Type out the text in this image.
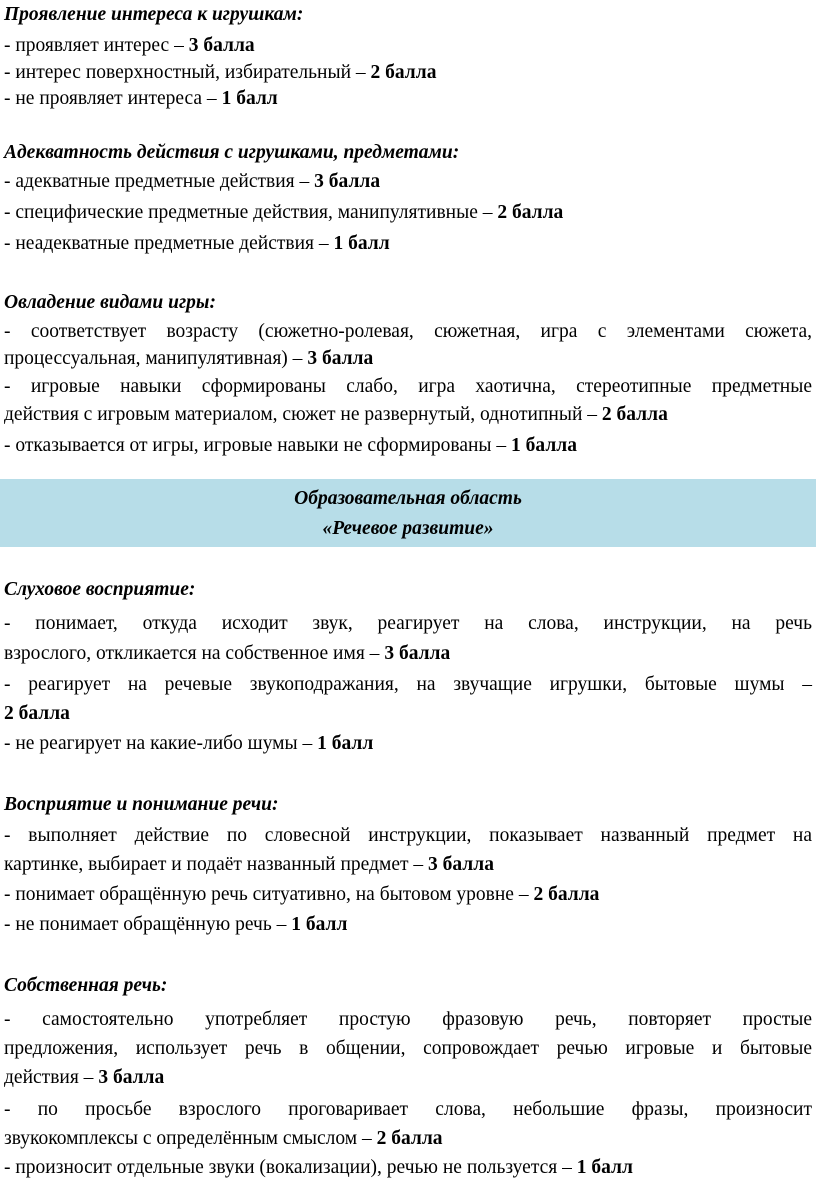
Проявление интереса к игрушкам:
- проявляет интерес – 3 балла
- интерес поверхностный, избирательный – 2 балла
- не проявляет интереса – 1 балл
Адекватность действия с игрушками, предметами:
- адекватные предметные действия – 3 балла
- специфические предметные действия, манипулятивные – 2 балла
- неадекватные предметные действия – 1 балл
Овладение видами игры:
- соответствует возрасту (сюжетно-ролевая, сюжетная, игра с элементами сюжета,
процессуальная, манипулятивная) – 3 балла
- игровые навыки сформированы слабо, игра хаотична, стереотипные предметные
действия с игровым материалом, сюжет не развернутый, однотипный – 2 балла
- отказывается от игры, игровые навыки не сформированы – 1 балла
Образовательная область
«Речевое развитие»
Слуховое восприятие:
- понимает, откуда исходит звук, реагирует на слова, инструкции, на речь
взрослого, откликается на собственное имя – 3 балла
- реагирует на речевые звукоподражания, на звучащие игрушки, бытовые шумы –
2 балла
- не реагирует на какие-либо шумы – 1 балл
Восприятие и понимание речи:
- выполняет действие по словесной инструкции, показывает названный предмет на
картинке, выбирает и подаёт названный предмет – 3 балла
- понимает обращённую речь ситуативно, на бытовом уровне – 2 балла
- не понимает обращённую речь – 1 балл
Собственная речь:
- самостоятельно употребляет простую фразовую речь, повторяет простые
предложения, использует речь в общении, сопровождает речью игровые и бытовые
действия – 3 балла
- по просьбе взрослого проговаривает слова, небольшие фразы, произносит
звукокомплексы с определённым смыслом – 2 балла
- произносит отдельные звуки (вокализации), речью не пользуется – 1 балл
